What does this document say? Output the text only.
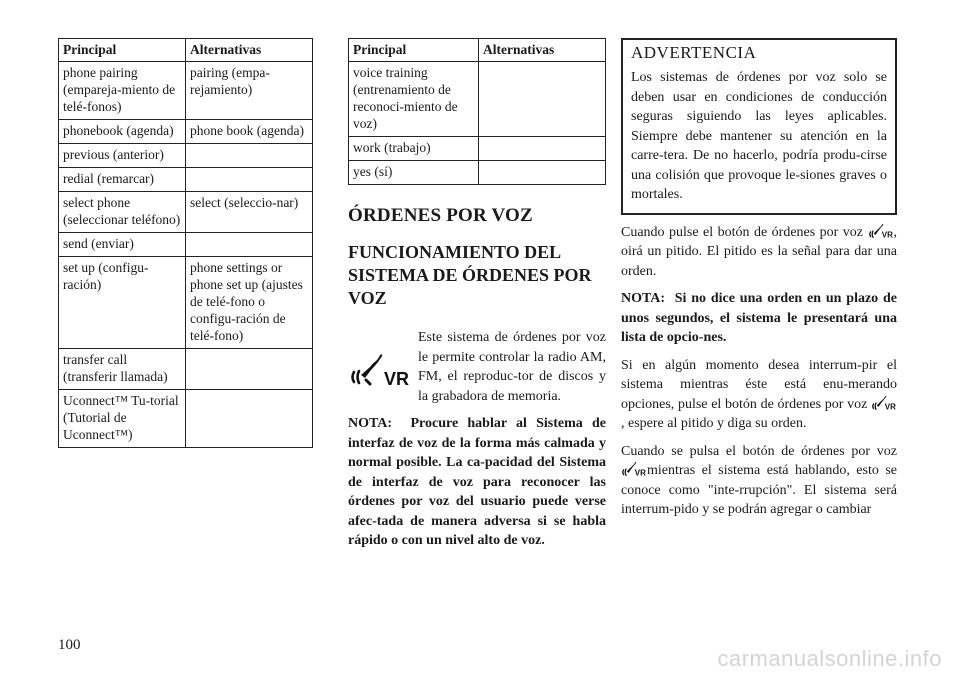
Principal	Alternativas
phone pairing (empareja-miento de telé-fonos)	pairing (empa-rejamiento)
phonebook (agenda)	phone book (agenda)
previous (anterior)	
redial (remarcar)	
select phone (seleccionar teléfono)	select (seleccio-nar)
send (enviar)	
set up (configu-ración)	phone settings or phone set up (ajustes de telé-fono o configu-ración de telé-fono)
transfer call (transferir llamada)	
Uconnect™ Tu-torial (Tutorial de Uconnect™)	
Principal	Alternativas
voice training (entrenamiento de reconoci-miento de voz)	
work (trabajo)	
yes (sí)	
ÓRDENES POR VOZ
FUNCIONAMIENTO DEL SISTEMA DE ÓRDENES POR VOZ
VR
Este sistema de órdenes por voz le permite controlar la radio AM, FM, el reproduc-tor de discos y la grabadora de memoria.
NOTA: Procure hablar al Sistema de interfaz de voz de la forma más calmada y normal posible. La ca-pacidad del Sistema de interfaz de voz para reconocer las órdenes por voz del usuario puede verse afec-tada de manera adversa si se habla rápido o con un nivel alto de voz.
ADVERTENCIA

Los sistemas de órdenes por voz solo se deben usar en condiciones de conducción seguras siguiendo las leyes aplicables. Siempre debe mantener su atención en la carre-tera. De no hacerlo, podría produ-cirse una colisión que provoque le-siones graves o mortales.

Cuando pulse el botón de órdenes por voz VR , oirá un pitido. El pitido es la señal para dar una orden.
NOTA: Si no dice una orden en un plazo de unos segundos, el sistema le presentará una lista de opcio-nes.
Si en algún momento desea interrum-pir el sistema mientras éste está enu-merando opciones, pulse el botón de órdenes por voz VR
, espere al pitido y diga su orden.
Cuando se pulsa el botón de órdenes por voz
VR mientras el sistema está hablando, esto se conoce como "inte-rrupción". El sistema será interrum-pido y se podrán agregar o cambiar
100
carmanualsonline.info
